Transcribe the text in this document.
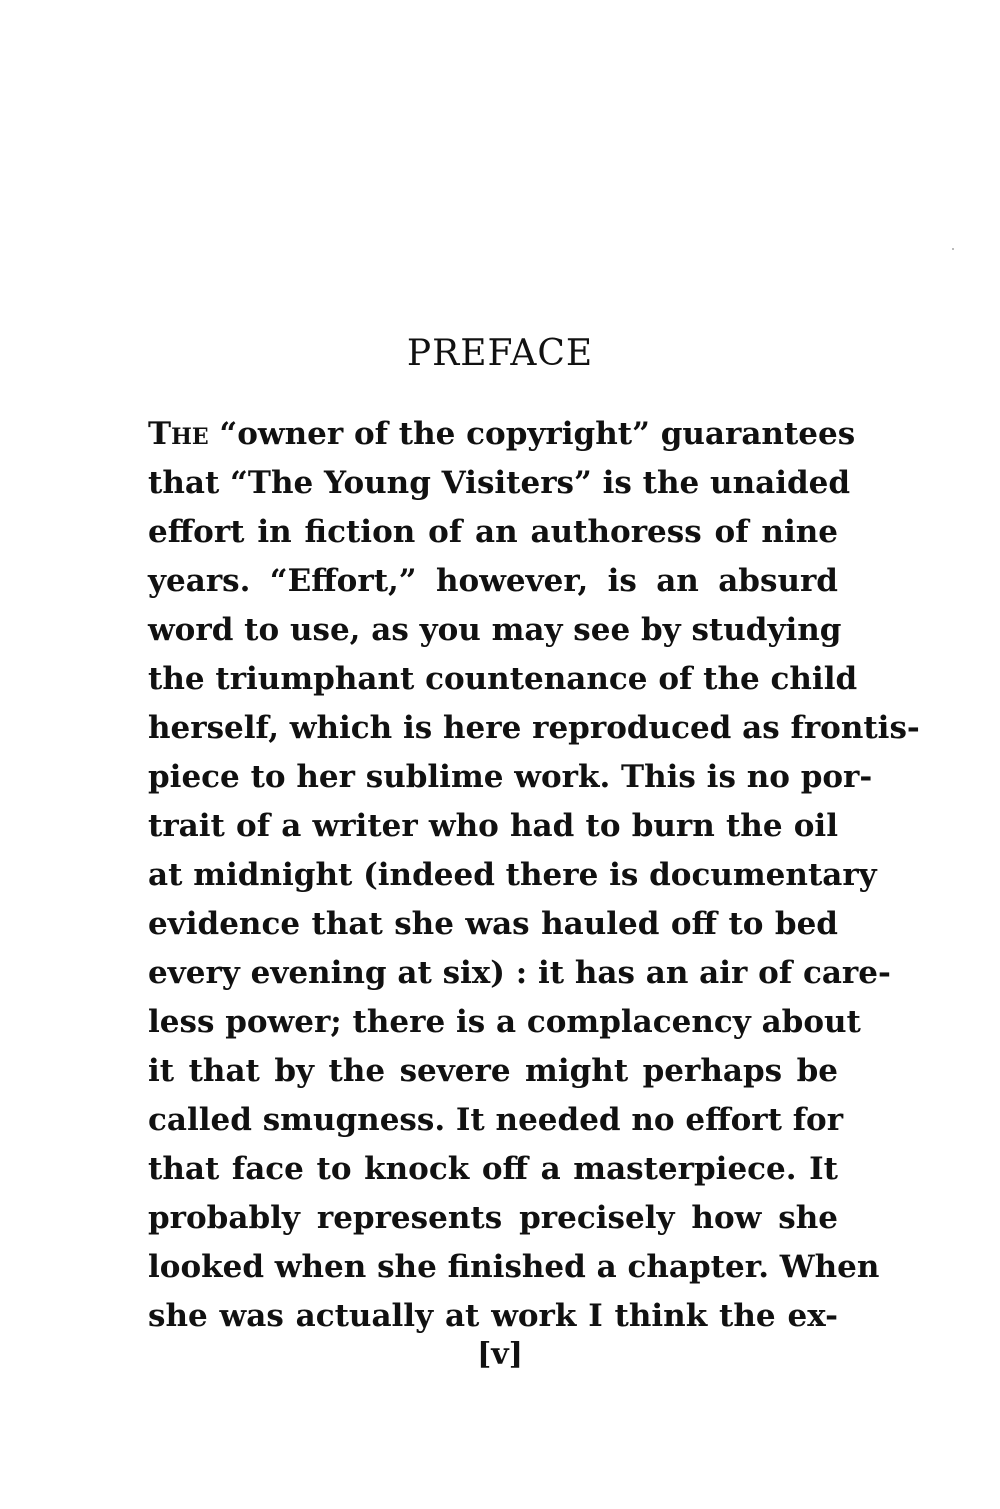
PREFACE
The “owner of the copyright” guarantees
that “The Young Visiters” is the unaided
effort in fiction of an authoress of nine
years. “Effort,” however, is an absurd
word to use, as you may see by studying
the triumphant countenance of the child
herself, which is here reproduced as frontis-
piece to her sublime work. This is no por-
trait of a writer who had to burn the oil
at midnight (indeed there is documentary
evidence that she was hauled off to bed
every evening at six) : it has an air of care-
less power; there is a complacency about
it that by the severe might perhaps be
called smugness. It needed no effort for
that face to knock off a masterpiece. It
probably represents precisely how she
looked when she finished a chapter. When
she was actually at work I think the ex-
[v]
